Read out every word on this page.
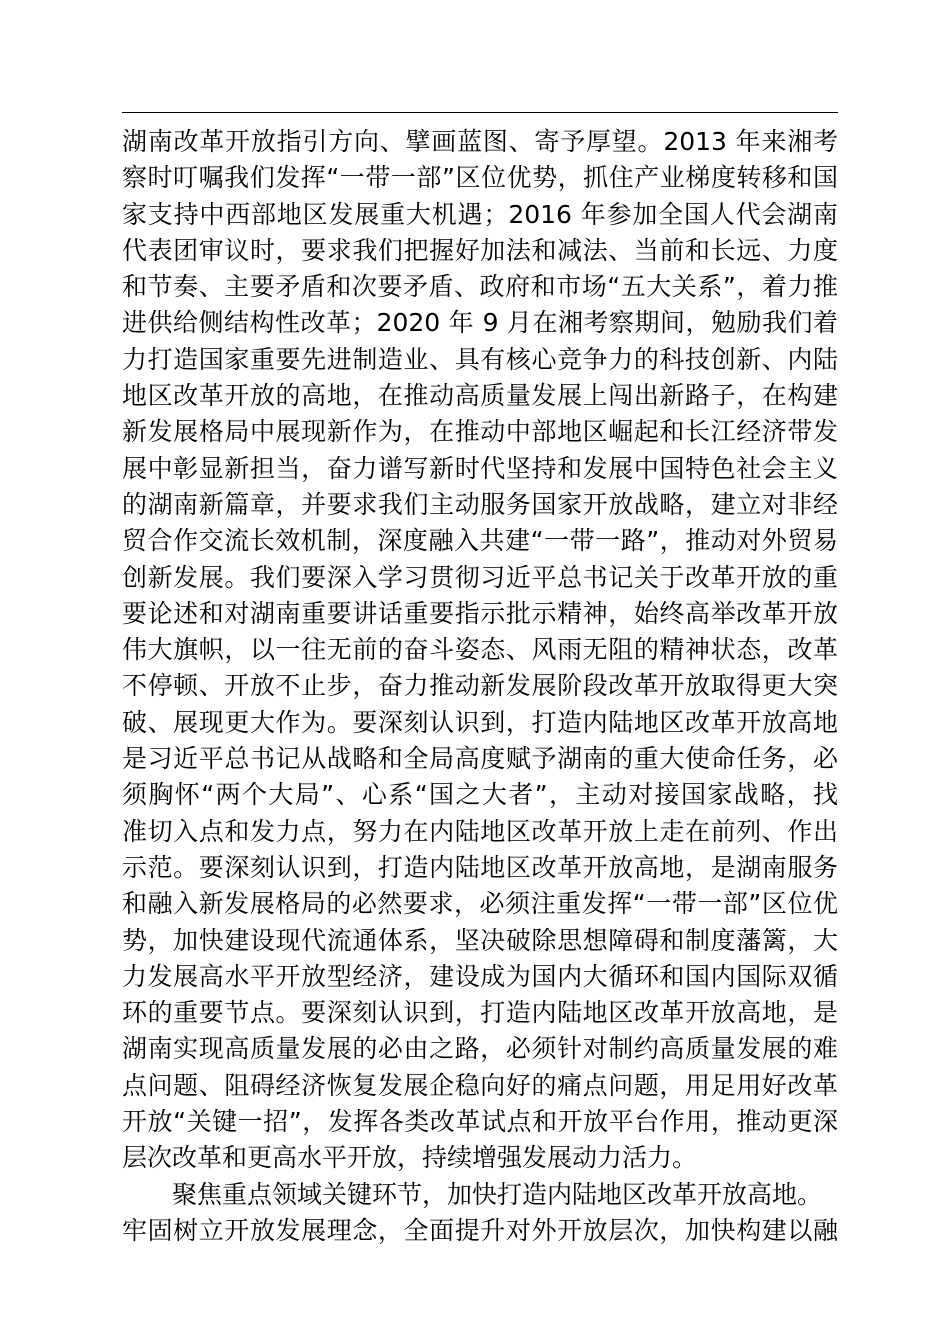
湖南改革开放指引方向、擘画蓝图、寄予厚望。2013 年来湘考
察时叮嘱我们发挥“一带一部”区位优势，抓住产业梯度转移和国
家支持中西部地区发展重大机遇；2016 年参加全国人代会湖南
代表团审议时，要求我们把握好加法和减法、当前和长远、力度
和节奏、主要矛盾和次要矛盾、政府和市场“五大关系”，着力推
进供给侧结构性改革；2020 年 9 月在湘考察期间，勉励我们着
力打造国家重要先进制造业、具有核心竞争力的科技创新、内陆
地区改革开放的高地，在推动高质量发展上闯出新路子，在构建
新发展格局中展现新作为，在推动中部地区崛起和长江经济带发
展中彰显新担当，奋力谱写新时代坚持和发展中国特色社会主义
的湖南新篇章，并要求我们主动服务国家开放战略，建立对非经
贸合作交流长效机制，深度融入共建“一带一路”，推动对外贸易
创新发展。我们要深入学习贯彻习近平总书记关于改革开放的重
要论述和对湖南重要讲话重要指示批示精神，始终高举改革开放
伟大旗帜，以一往无前的奋斗姿态、风雨无阻的精神状态，改革
不停顿、开放不止步，奋力推动新发展阶段改革开放取得更大突
破、展现更大作为。要深刻认识到，打造内陆地区改革开放高地
是习近平总书记从战略和全局高度赋予湖南的重大使命任务，必
须胸怀“两个大局”、心系“国之大者”，主动对接国家战略，找
准切入点和发力点，努力在内陆地区改革开放上走在前列、作出
示范。要深刻认识到，打造内陆地区改革开放高地，是湖南服务
和融入新发展格局的必然要求，必须注重发挥“一带一部”区位优
势，加快建设现代流通体系，坚决破除思想障碍和制度藩篱，大
力发展高水平开放型经济，建设成为国内大循环和国内国际双循
环的重要节点。要深刻认识到，打造内陆地区改革开放高地，是
湖南实现高质量发展的必由之路，必须针对制约高质量发展的难
点问题、阻碍经济恢复发展企稳向好的痛点问题，用足用好改革
开放“关键一招”，发挥各类改革试点和开放平台作用，推动更深
层次改革和更高水平开放，持续增强发展动力活力。
聚焦重点领域关键环节，加快打造内陆地区改革开放高地。
牢固树立开放发展理念，全面提升对外开放层次，加快构建以融
